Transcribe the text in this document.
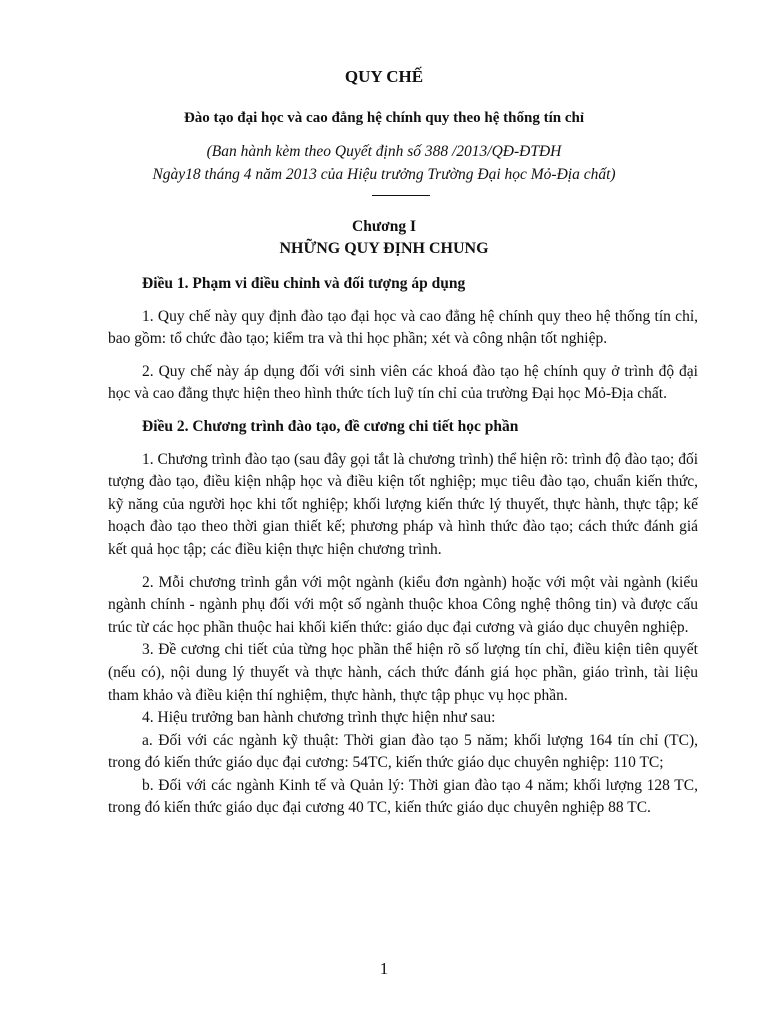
QUY CHẾ
Đào tạo đại học và cao đẳng hệ chính quy theo hệ thống tín chỉ
(Ban hành kèm theo Quyết định số 388 /2013/QĐ-ĐTĐH
Ngày18 tháng 4 năm 2013 của Hiệu trưởng Trường Đại học Mỏ-Địa chất)
Chương I
NHỮNG QUY ĐỊNH CHUNG

Điều 1. Phạm vi điều chỉnh và đối tượng áp dụng

1. Quy chế này quy định đào tạo đại học và cao đẳng hệ chính quy theo hệ thống tín chỉ, bao gồm: tổ chức đào tạo; kiểm tra và thi học phần; xét và công nhận tốt nghiệp.

2. Quy chế này áp dụng đối với sinh viên các khoá đào tạo hệ chính quy ở trình độ đại học và cao đẳng thực hiện theo hình thức tích luỹ tín chỉ của trường Đại học Mỏ-Địa chất.

Điều 2. Chương trình đào tạo, đề cương chi tiết học phần

1. Chương trình đào tạo (sau đây gọi tắt là chương trình) thể hiện rõ: trình độ đào tạo; đối tượng đào tạo, điều kiện nhập học và điều kiện tốt nghiệp; mục tiêu đào tạo, chuẩn kiến thức, kỹ năng của người học khi tốt nghiệp; khối lượng kiến thức lý thuyết, thực hành, thực tập; kế hoạch đào tạo theo thời gian thiết kế; phương pháp và hình thức đào tạo; cách thức đánh giá kết quả học tập; các điều kiện thực hiện chương trình.

2. Mỗi chương trình gắn với một ngành (kiểu đơn ngành) hoặc với một vài ngành (kiểu ngành chính - ngành phụ đối với một số ngành thuộc khoa Công nghệ thông tin) và được cấu trúc từ các học phần thuộc hai khối kiến thức: giáo dục đại cương và giáo dục chuyên nghiệp.

3. Đề cương chi tiết của từng học phần thể hiện rõ số lượng tín chỉ, điều kiện tiên quyết (nếu có), nội dung lý thuyết và thực hành, cách thức đánh giá học phần, giáo trình, tài liệu tham khảo và điều kiện thí nghiệm, thực hành, thực tập phục vụ học phần.

4. Hiệu trưởng ban hành chương trình thực hiện như sau:

a. Đối với các ngành kỹ thuật: Thời gian đào tạo 5 năm; khối lượng 164 tín chỉ (TC), trong đó kiến thức giáo dục đại cương: 54TC, kiến thức giáo dục chuyên nghiệp: 110 TC;

b. Đối với các ngành Kinh tế và Quản lý: Thời gian đào tạo 4 năm; khối lượng 128 TC, trong đó kiến thức giáo dục đại cương 40 TC, kiến thức giáo dục chuyên nghiệp 88 TC.

1
